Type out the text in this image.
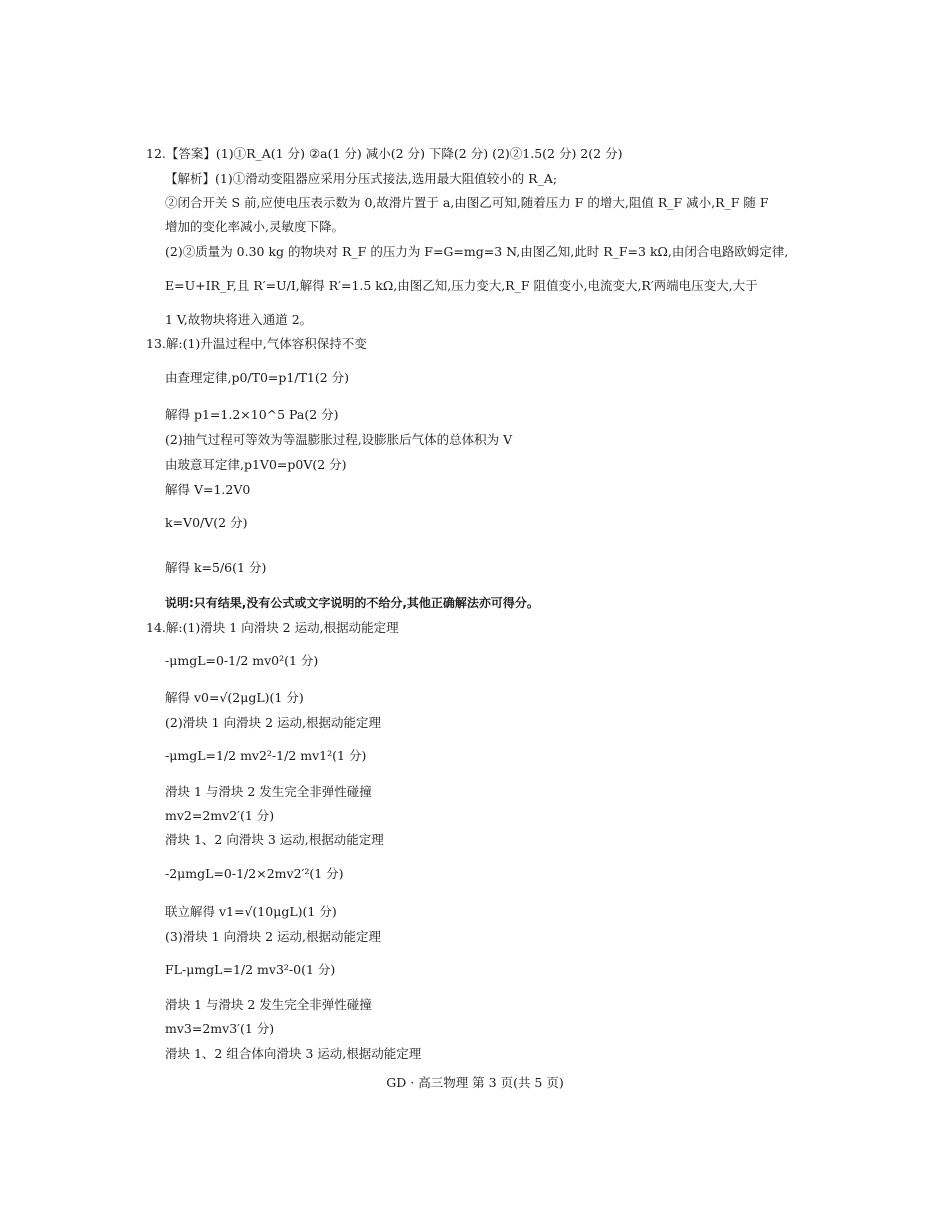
12.【答案】(1)①R_A(1 分) ②a(1 分) 减小(2 分) 下降(2 分) (2)②1.5(2 分) 2(2 分)
【解析】(1)①滑动变阻器应采用分压式接法,选用最大阻值较小的 R_A;
②闭合开关 S 前,应使电压表示数为 0,故滑片置于 a,由图乙可知,随着压力 F 的增大,阻值 R_F 减小,R_F 随 F
增加的变化率减小,灵敏度下降。
(2)②质量为 0.30 kg 的物块对 R_F 的压力为 F=G=mg=3 N,由图乙知,此时 R_F=3 kΩ,由闭合电路欧姆定律,
E=U+IR_F,且 R′=U/I,解得 R′=1.5 kΩ,由图乙知,压力变大,R_F 阻值变小,电流变大,R′两端电压变大,大于
1 V,故物块将进入通道 2。
13.解:(1)升温过程中,气体容积保持不变
由查理定律,p0/T0=p1/T1(2 分)
解得 p1=1.2×10^5 Pa(2 分)
(2)抽气过程可等效为等温膨胀过程,设膨胀后气体的总体积为 V
由玻意耳定律,p1V0=p0V(2 分)
解得 V=1.2V0
k=V0/V(2 分)
解得 k=5/6(1 分)
说明:只有结果,没有公式或文字说明的不给分,其他正确解法亦可得分。
14.解:(1)滑块 1 向滑块 2 运动,根据动能定理
-μmgL=0-1/2 mv0²(1 分)
解得 v0=√(2μgL)(1 分)
(2)滑块 1 向滑块 2 运动,根据动能定理
-μmgL=1/2 mv2²-1/2 mv1²(1 分)
滑块 1 与滑块 2 发生完全非弹性碰撞
mv2=2mv2′(1 分)
滑块 1、2 向滑块 3 运动,根据动能定理
-2μmgL=0-1/2×2mv2′²(1 分)
联立解得 v1=√(10μgL)(1 分)
(3)滑块 1 向滑块 2 运动,根据动能定理
FL-μmgL=1/2 mv3²-0(1 分)
滑块 1 与滑块 2 发生完全非弹性碰撞
mv3=2mv3′(1 分)
滑块 1、2 组合体向滑块 3 运动,根据动能定理
GD · 高三物理 第 3 页(共 5 页)
